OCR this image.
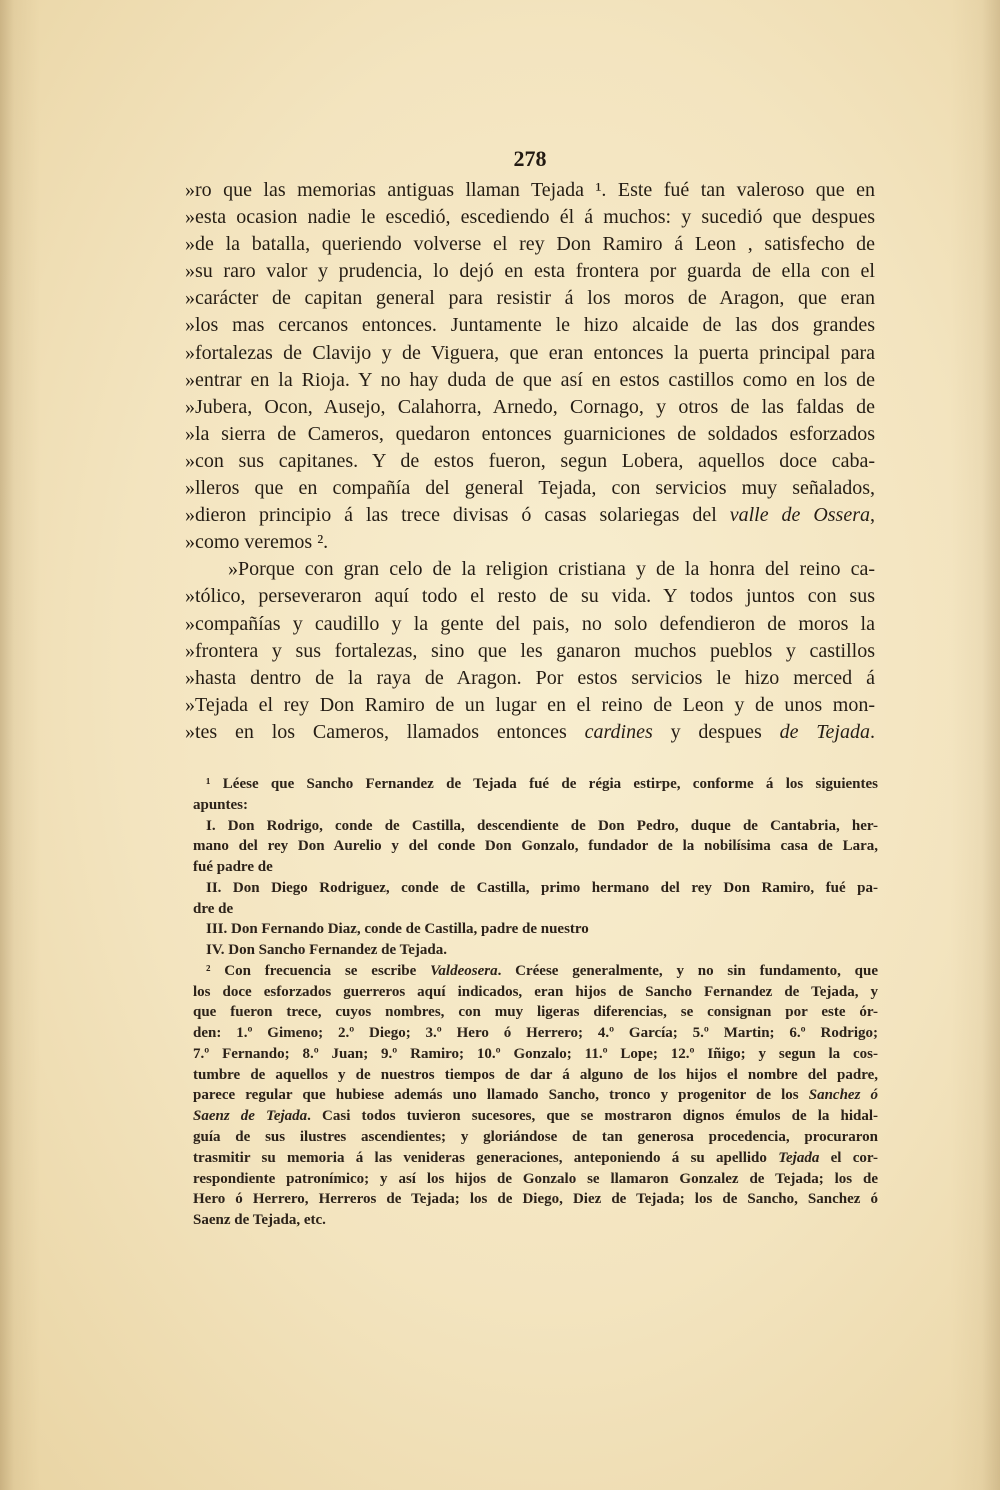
278
»ro que las memorias antiguas llaman Tejada ¹. Este fué tan valeroso que en
»esta ocasion nadie le escedió, escediendo él á muchos: y sucedió que despues
»de la batalla, queriendo volverse el rey Don Ramiro á Leon , satisfecho de
»su raro valor y prudencia, lo dejó en esta frontera por guarda de ella con el
»carácter de capitan general para resistir á los moros de Aragon, que eran
»los mas cercanos entonces. Juntamente le hizo alcaide de las dos grandes
»fortalezas de Clavijo y de Viguera, que eran entonces la puerta principal para
»entrar en la Rioja. Y no hay duda de que así en estos castillos como en los de
»Jubera, Ocon, Ausejo, Calahorra, Arnedo, Cornago, y otros de las faldas de
»la sierra de Cameros, quedaron entonces guarniciones de soldados esforzados
»con sus capitanes. Y de estos fueron, segun Lobera, aquellos doce caba-
»lleros que en compañía del general Tejada, con servicios muy señalados,
»dieron principio á las trece divisas ó casas solariegas del valle de Ossera,
»como veremos ².
»Porque con gran celo de la religion cristiana y de la honra del reino ca-
»tólico, perseveraron aquí todo el resto de su vida. Y todos juntos con sus
»compañías y caudillo y la gente del pais, no solo defendieron de moros la
»frontera y sus fortalezas, sino que les ganaron muchos pueblos y castillos
»hasta dentro de la raya de Aragon. Por estos servicios le hizo merced á
»Tejada el rey Don Ramiro de un lugar en el reino de Leon y de unos mon-
»tes en los Cameros, llamados entonces cardines y despues de Tejada.
¹ Léese que Sancho Fernandez de Tejada fué de régia estirpe, conforme á los siguientes
apuntes:
I. Don Rodrigo, conde de Castilla, descendiente de Don Pedro, duque de Cantabria, her-
mano del rey Don Aurelio y del conde Don Gonzalo, fundador de la nobilísima casa de Lara,
fué padre de
II. Don Diego Rodriguez, conde de Castilla, primo hermano del rey Don Ramiro, fué pa-
dre de
III. Don Fernando Diaz, conde de Castilla, padre de nuestro
IV. Don Sancho Fernandez de Tejada.
² Con frecuencia se escribe Valdeosera. Créese generalmente, y no sin fundamento, que
los doce esforzados guerreros aquí indicados, eran hijos de Sancho Fernandez de Tejada, y
que fueron trece, cuyos nombres, con muy ligeras diferencias, se consignan por este ór-
den: 1.º Gimeno; 2.º Diego; 3.º Hero ó Herrero; 4.º García; 5.º Martin; 6.º Rodrigo;
7.º Fernando; 8.º Juan; 9.º Ramiro; 10.º Gonzalo; 11.º Lope; 12.º Iñigo; y segun la cos-
tumbre de aquellos y de nuestros tiempos de dar á alguno de los hijos el nombre del padre,
parece regular que hubiese además uno llamado Sancho, tronco y progenitor de los Sanchez ó
Saenz de Tejada. Casi todos tuvieron sucesores, que se mostraron dignos émulos de la hidal-
guía de sus ilustres ascendientes; y gloriándose de tan generosa procedencia, procuraron
trasmitir su memoria á las venideras generaciones, anteponiendo á su apellido Tejada el cor-
respondiente patronímico; y así los hijos de Gonzalo se llamaron Gonzalez de Tejada; los de
Hero ó Herrero, Herreros de Tejada; los de Diego, Diez de Tejada; los de Sancho, Sanchez ó
Saenz de Tejada, etc.
